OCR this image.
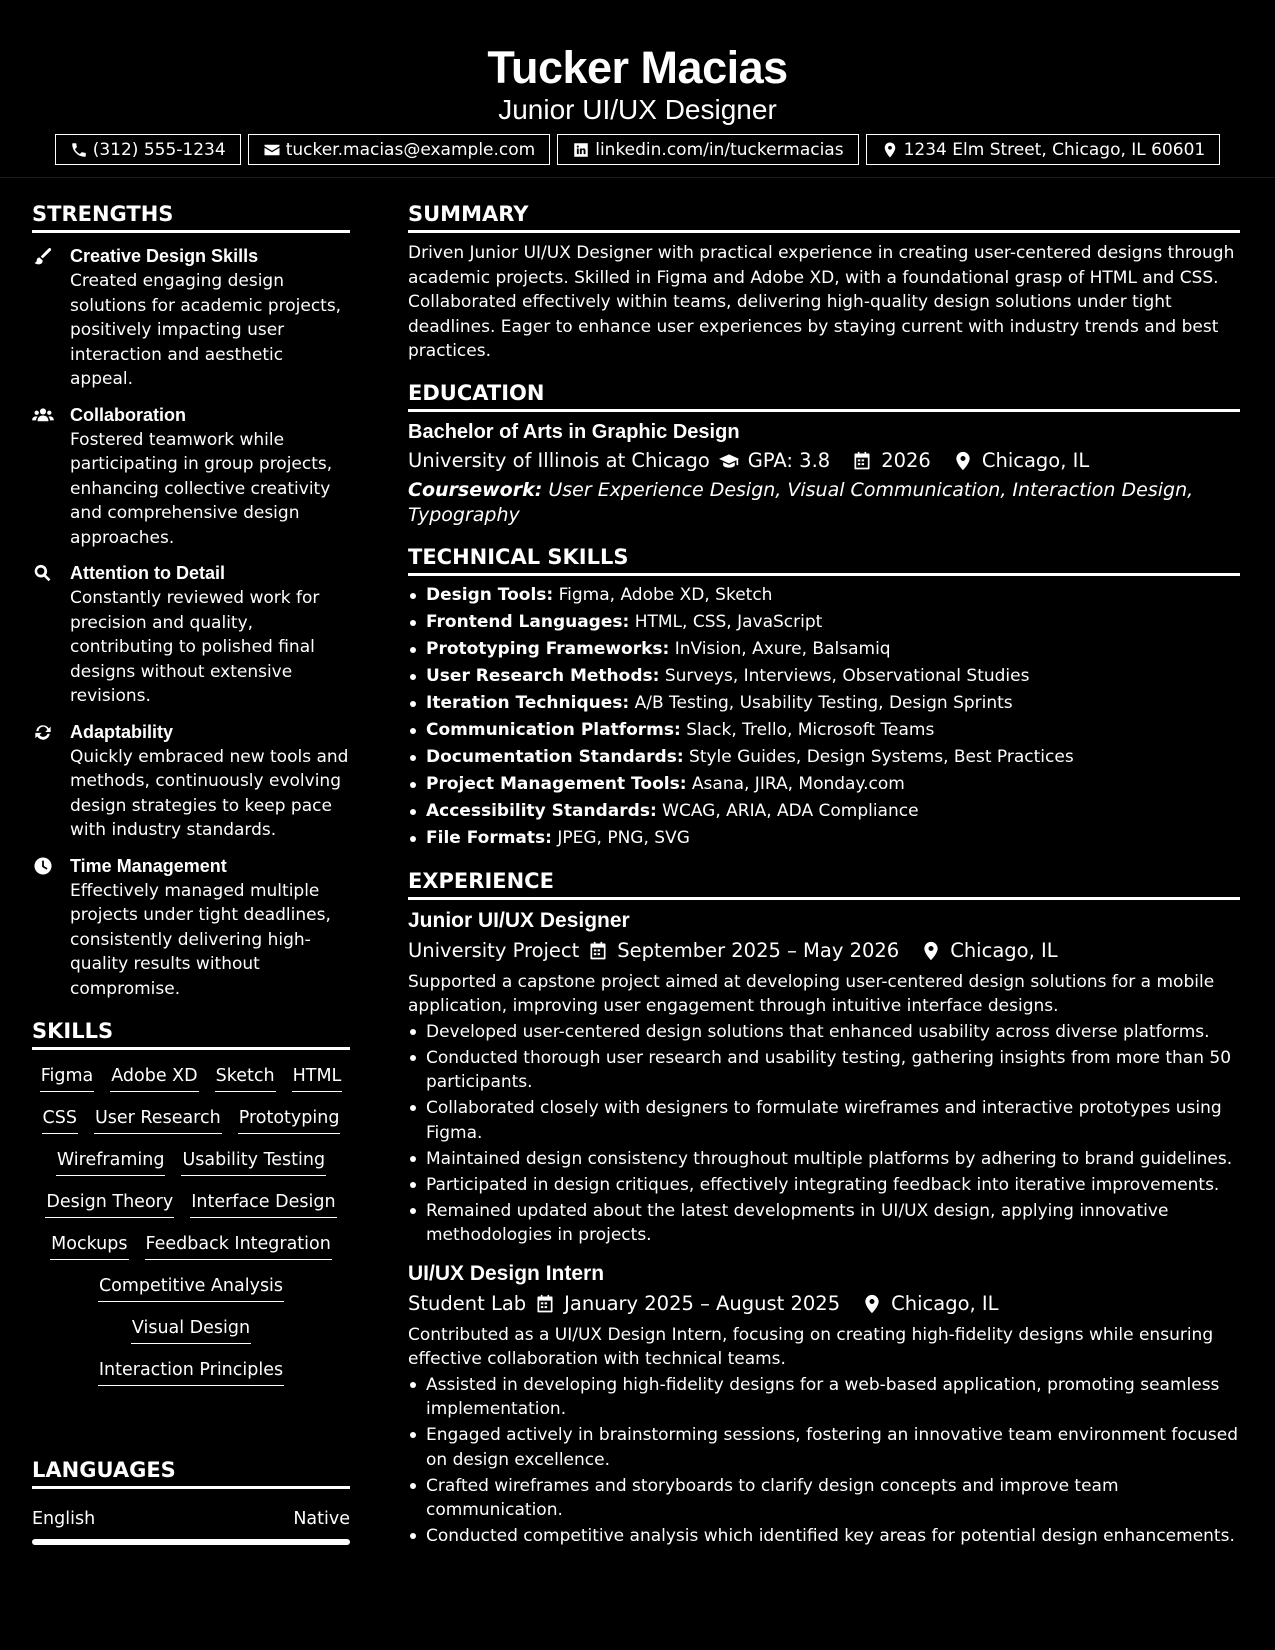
Tucker Macias
Junior UI/UX Designer
(312) 555-1234	tucker.macias@example.com	linkedin.com/in/tuckermacias	1234 Elm Street, Chicago, IL 60601
STRENGTHS
Creative Design Skills
Created engaging design solutions for academic projects, positively impacting user interaction and aesthetic appeal.
Collaboration
Fostered teamwork while participating in group projects, enhancing collective creativity and comprehensive design approaches.
Attention to Detail
Constantly reviewed work for precision and quality, contributing to polished final designs without extensive revisions.
Adaptability
Quickly embraced new tools and methods, continuously evolving design strategies to keep pace with industry standards.
Time Management
Effectively managed multiple projects under tight deadlines, consistently delivering high-quality results without compromise.
SKILLS
Figma Adobe XD Sketch HTML
CSS User Research Prototyping
Wireframing Usability Testing
Design Theory Interface Design
Mockups Feedback Integration
Competitive Analysis
Visual Design
Interaction Principles
LANGUAGES
English	Native
SUMMARY
Driven Junior UI/UX Designer with practical experience in creating user-centered designs through academic projects. Skilled in Figma and Adobe XD, with a foundational grasp of HTML and CSS. Collaborated effectively within teams, delivering high-quality design solutions under tight deadlines. Eager to enhance user experiences by staying current with industry trends and best practices.
EDUCATION
Bachelor of Arts in Graphic Design
University of Illinois at Chicago GPA: 3.8	2026	Chicago, IL
Coursework: User Experience Design, Visual Communication, Interaction Design, Typography
TECHNICAL SKILLS
Design Tools: Figma, Adobe XD, Sketch
Frontend Languages: HTML, CSS, JavaScript
Prototyping Frameworks: InVision, Axure, Balsamiq
User Research Methods: Surveys, Interviews, Observational Studies
Iteration Techniques: A/B Testing, Usability Testing, Design Sprints
Communication Platforms: Slack, Trello, Microsoft Teams
Documentation Standards: Style Guides, Design Systems, Best Practices
Project Management Tools: Asana, JIRA, Monday.com
Accessibility Standards: WCAG, ARIA, ADA Compliance
File Formats: JPEG, PNG, SVG
EXPERIENCE
Junior UI/UX Designer
University Project September 2025 – May 2026	Chicago, IL
Supported a capstone project aimed at developing user-centered design solutions for a mobile application, improving user engagement through intuitive interface designs.
Developed user-centered design solutions that enhanced usability across diverse platforms.
Conducted thorough user research and usability testing, gathering insights from more than 50 participants.
Collaborated closely with designers to formulate wireframes and interactive prototypes using Figma.
Maintained design consistency throughout multiple platforms by adhering to brand guidelines.
Participated in design critiques, effectively integrating feedback into iterative improvements.
Remained updated about the latest developments in UI/UX design, applying innovative methodologies in projects.
UI/UX Design Intern
Student Lab January 2025 – August 2025	Chicago, IL
Contributed as a UI/UX Design Intern, focusing on creating high-fidelity designs while ensuring effective collaboration with technical teams.
Assisted in developing high-fidelity designs for a web-based application, promoting seamless implementation.
Engaged actively in brainstorming sessions, fostering an innovative team environment focused on design excellence.
Crafted wireframes and storyboards to clarify design concepts and improve team communication.
Conducted competitive analysis which identified key areas for potential design enhancements.
